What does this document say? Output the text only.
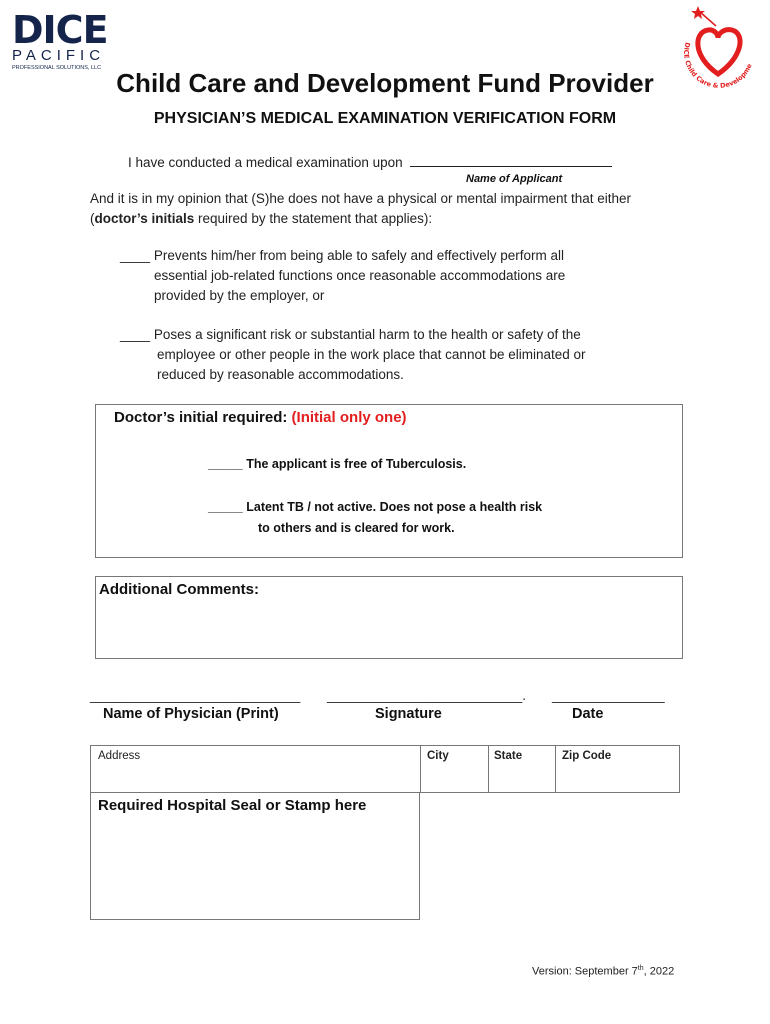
DICE
PACIFIC
PROFESSIONAL SOLUTIONS, LLC
DICE Child Care & Developme
Child Care and Development Fund Provider
PHYSICIAN’S MEDICAL EXAMINATION VERIFICATION FORM
I have conducted a medical examination upon
Name of Applicant
And it is in my opinion that (S)he does not have a physical or mental impairment that either
(doctor’s initials required by the statement that applies):
____ Prevents him/her from being able to safely and effectively perform all
essential job-related functions once reasonable accommodations are
provided by the employer, or
____ Poses a significant risk or substantial harm to the health or safety of the
employee or other people in the work place that cannot be eliminated or
reduced by reasonable accommodations.
Doctor’s initial required: (Initial only one)
_____ The applicant is free of Tuberculosis.
_____ Latent TB / not active. Does not pose a health risk
to others and is cleared for work.
Additional Comments:
____________________________ __________________________. _______________
Name of Physician (Print)	Signature	Date
Address	City	State	Zip Code
Required Hospital Seal or Stamp here
Version: September 7th, 2022
